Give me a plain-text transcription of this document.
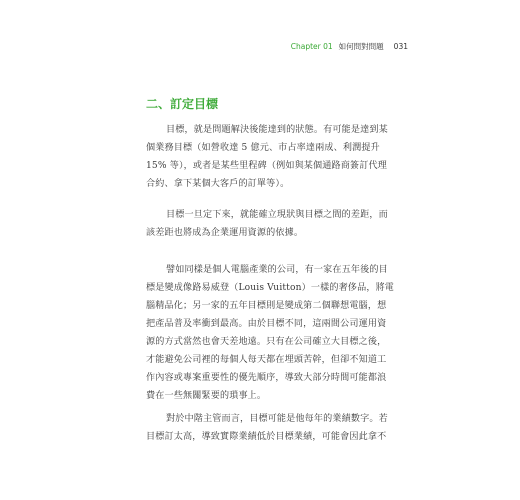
Chapter 01 如何問對問題 031
二、訂定目標
目標，就是問題解決後能達到的狀態。有可能是達到某
個業務目標（如營收達 5 億元、市占率達兩成、利潤提升
15% 等），或者是某些里程碑（例如與某個通路商簽訂代理
合約、拿下某個大客戶的訂單等）。
目標一旦定下來，就能確立現狀與目標之間的差距，而
該差距也將成為企業運用資源的依據。
譬如同樣是個人電腦產業的公司，有一家在五年後的目
標是變成像路易威登（Louis Vuitton）一樣的奢侈品，將電
腦精品化；另一家的五年目標則是變成第二個聯想電腦，想
把產品普及率衝到最高。由於目標不同，這兩間公司運用資
源的方式當然也會天差地遠。只有在公司確立大目標之後，
才能避免公司裡的每個人每天都在埋頭苦幹，但卻不知道工
作內容或專案重要性的優先順序，導致大部分時間可能都浪
費在一些無關緊要的瑣事上。
對於中階主管而言，目標可能是他每年的業績數字。若
目標訂太高，導致實際業績低於目標業績，可能會因此拿不
